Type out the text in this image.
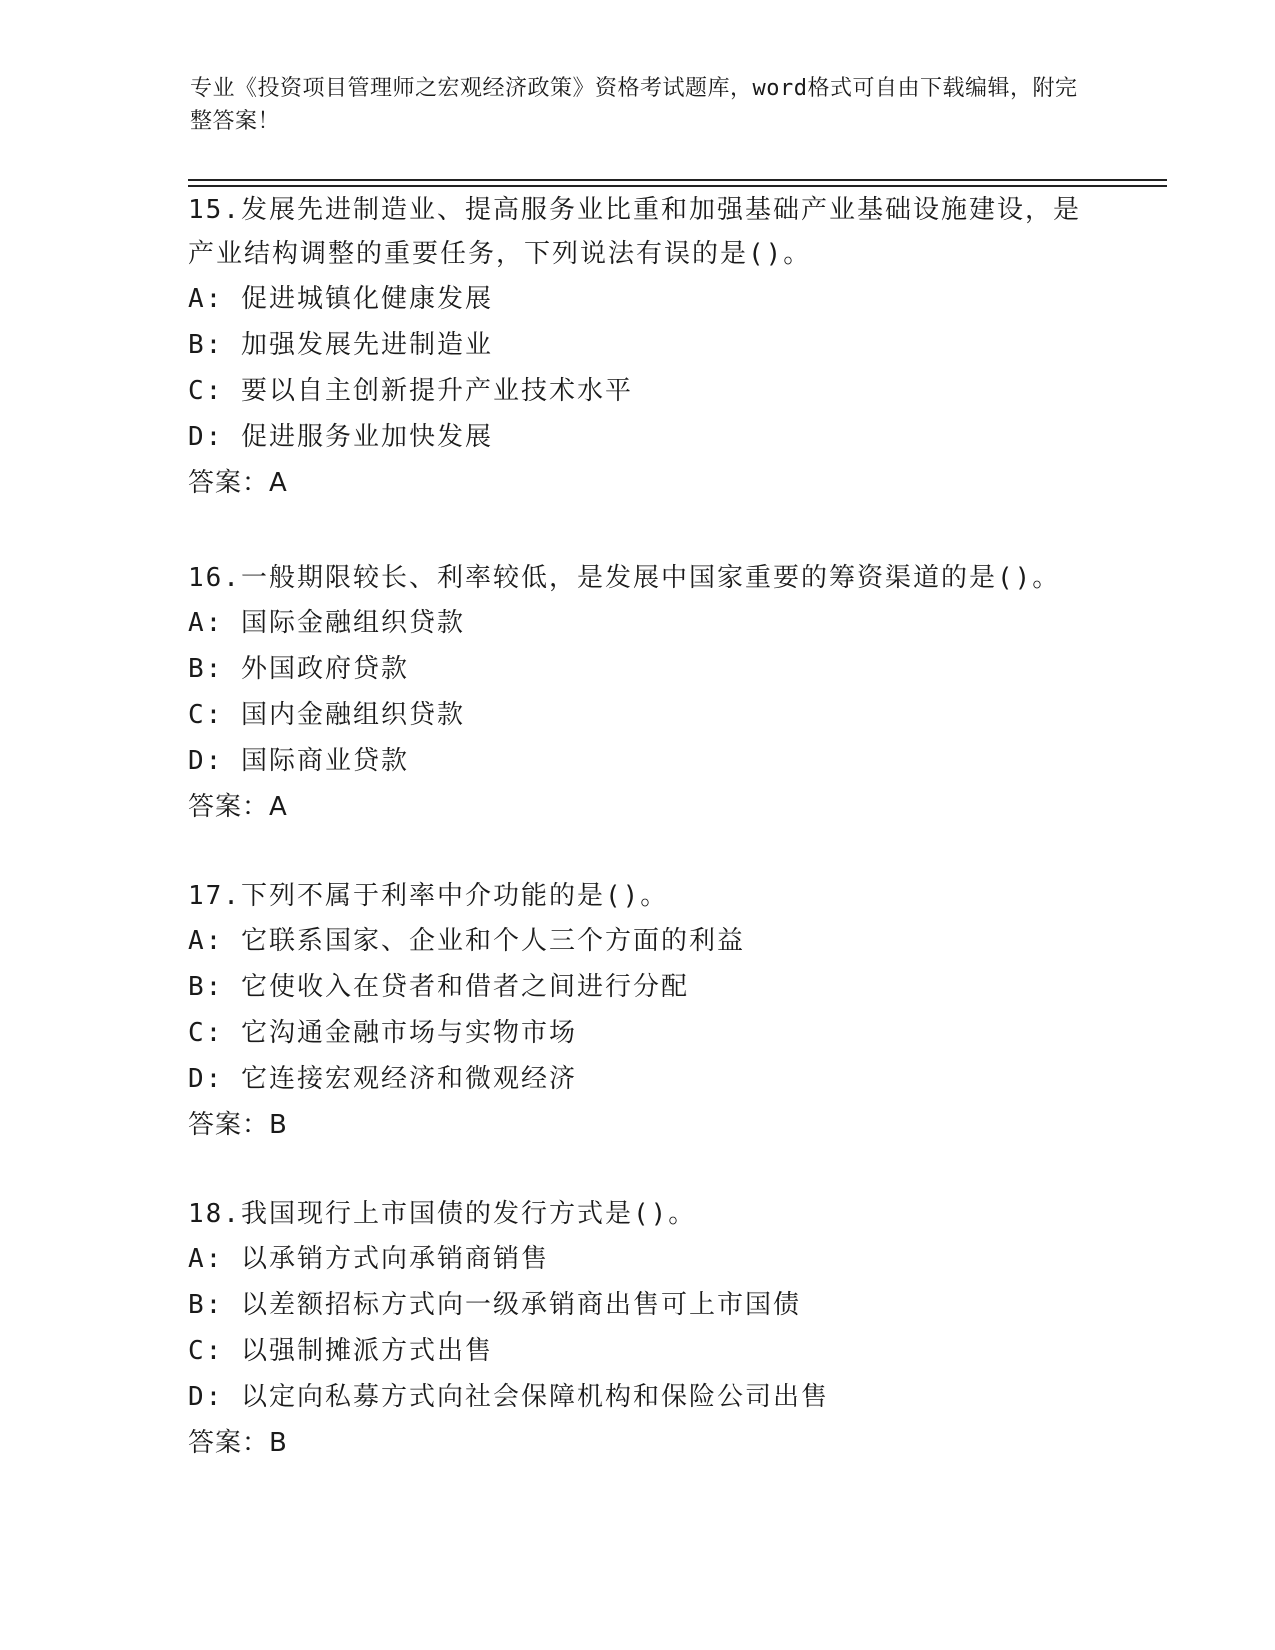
专业《投资项目管理师之宏观经济政策》资格考试题库，word格式可自由下载编辑，附完整答案！

15.发展先进制造业、提高服务业比重和加强基础产业基础设施建设，是产业结构调整的重要任务，下列说法有误的是()。

A: 促进城镇化健康发展

B: 加强发展先进制造业

C: 要以自主创新提升产业技术水平

D: 促进服务业加快发展

答案：A

16.一般期限较长、利率较低，是发展中国家重要的筹资渠道的是()。

A: 国际金融组织贷款

B: 外国政府贷款

C: 国内金融组织贷款

D: 国际商业贷款

答案：A

17.下列不属于利率中介功能的是()。

A: 它联系国家、企业和个人三个方面的利益

B: 它使收入在贷者和借者之间进行分配

C: 它沟通金融市场与实物市场

D: 它连接宏观经济和微观经济

答案：B

18.我国现行上市国债的发行方式是()。

A: 以承销方式向承销商销售

B: 以差额招标方式向一级承销商出售可上市国债

C: 以强制摊派方式出售

D: 以定向私募方式向社会保障机构和保险公司出售

答案：B
